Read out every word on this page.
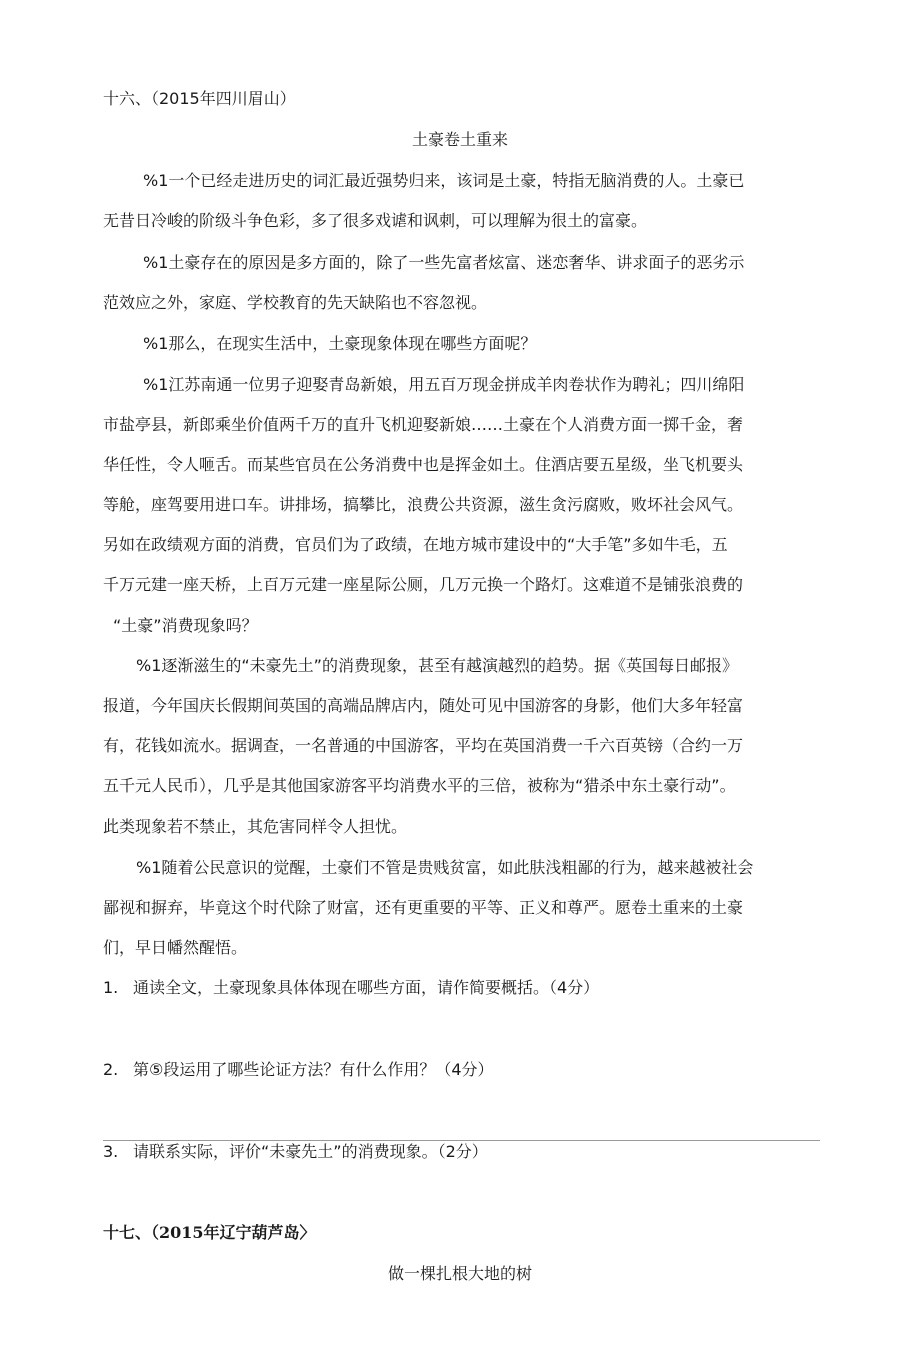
十六、（2015年四川眉山）
土豪卷土重来
%1一个已经走进历史的词汇最近强势归来，该词是土豪，特指无脑消费的人。土豪已
无昔日冷峻的阶级斗争色彩，多了很多戏谑和讽刺，可以理解为很土的富豪。
%1土豪存在的原因是多方面的，除了一些先富者炫富、迷恋奢华、讲求面子的恶劣示
范效应之外，家庭、学校教育的先天缺陷也不容忽视。
%1那么，在现实生活中，土豪现象体现在哪些方面呢？
%1江苏南通一位男子迎娶青岛新娘，用五百万现金拼成羊肉卷状作为聘礼；四川绵阳
市盐亭县，新郎乘坐价值两千万的直升飞机迎娶新娘……土豪在个人消费方面一掷千金，奢
华任性，令人咂舌。而某些官员在公务消费中也是挥金如土。住酒店要五星级，坐飞机要头
等舱，座驾要用进口车。讲排场，搞攀比，浪费公共资源，滋生贪污腐败，败坏社会风气。
另如在政绩观方面的消费，官员们为了政绩，在地方城市建设中的“大手笔”多如牛毛，五
千万元建一座天桥，上百万元建一座星际公厕，几万元换一个路灯。这难道不是铺张浪费的
“土豪”消费现象吗？
%1逐渐滋生的“未豪先土”的消费现象，甚至有越演越烈的趋势。据《英国每日邮报》
报道，今年国庆长假期间英国的高端品牌店内，随处可见中国游客的身影，他们大多年轻富
有，花钱如流水。据调查，一名普通的中国游客，平均在英国消费一千六百英镑（合约一万
五千元人民币），几乎是其他国家游客平均消费水平的三倍，被称为“猎杀中东土豪行动”。
此类现象若不禁止，其危害同样令人担忧。
%1随着公民意识的觉醒，土豪们不管是贵贱贫富，如此肤浅粗鄙的行为，越来越被社会
鄙视和摒弃，毕竟这个时代除了财富，还有更重要的平等、正义和尊严。愿卷土重来的土豪
们，早日幡然醒悟。
1. 通读全文，土豪现象具体体现在哪些方面，请作简要概括。（4分）
2. 第⑤段运用了哪些论证方法？有什么作用？（4分）
3. 请联系实际，评价“未豪先土”的消费现象。（2分）
十七、（2015年辽宁葫芦岛〉
做一棵扎根大地的树
